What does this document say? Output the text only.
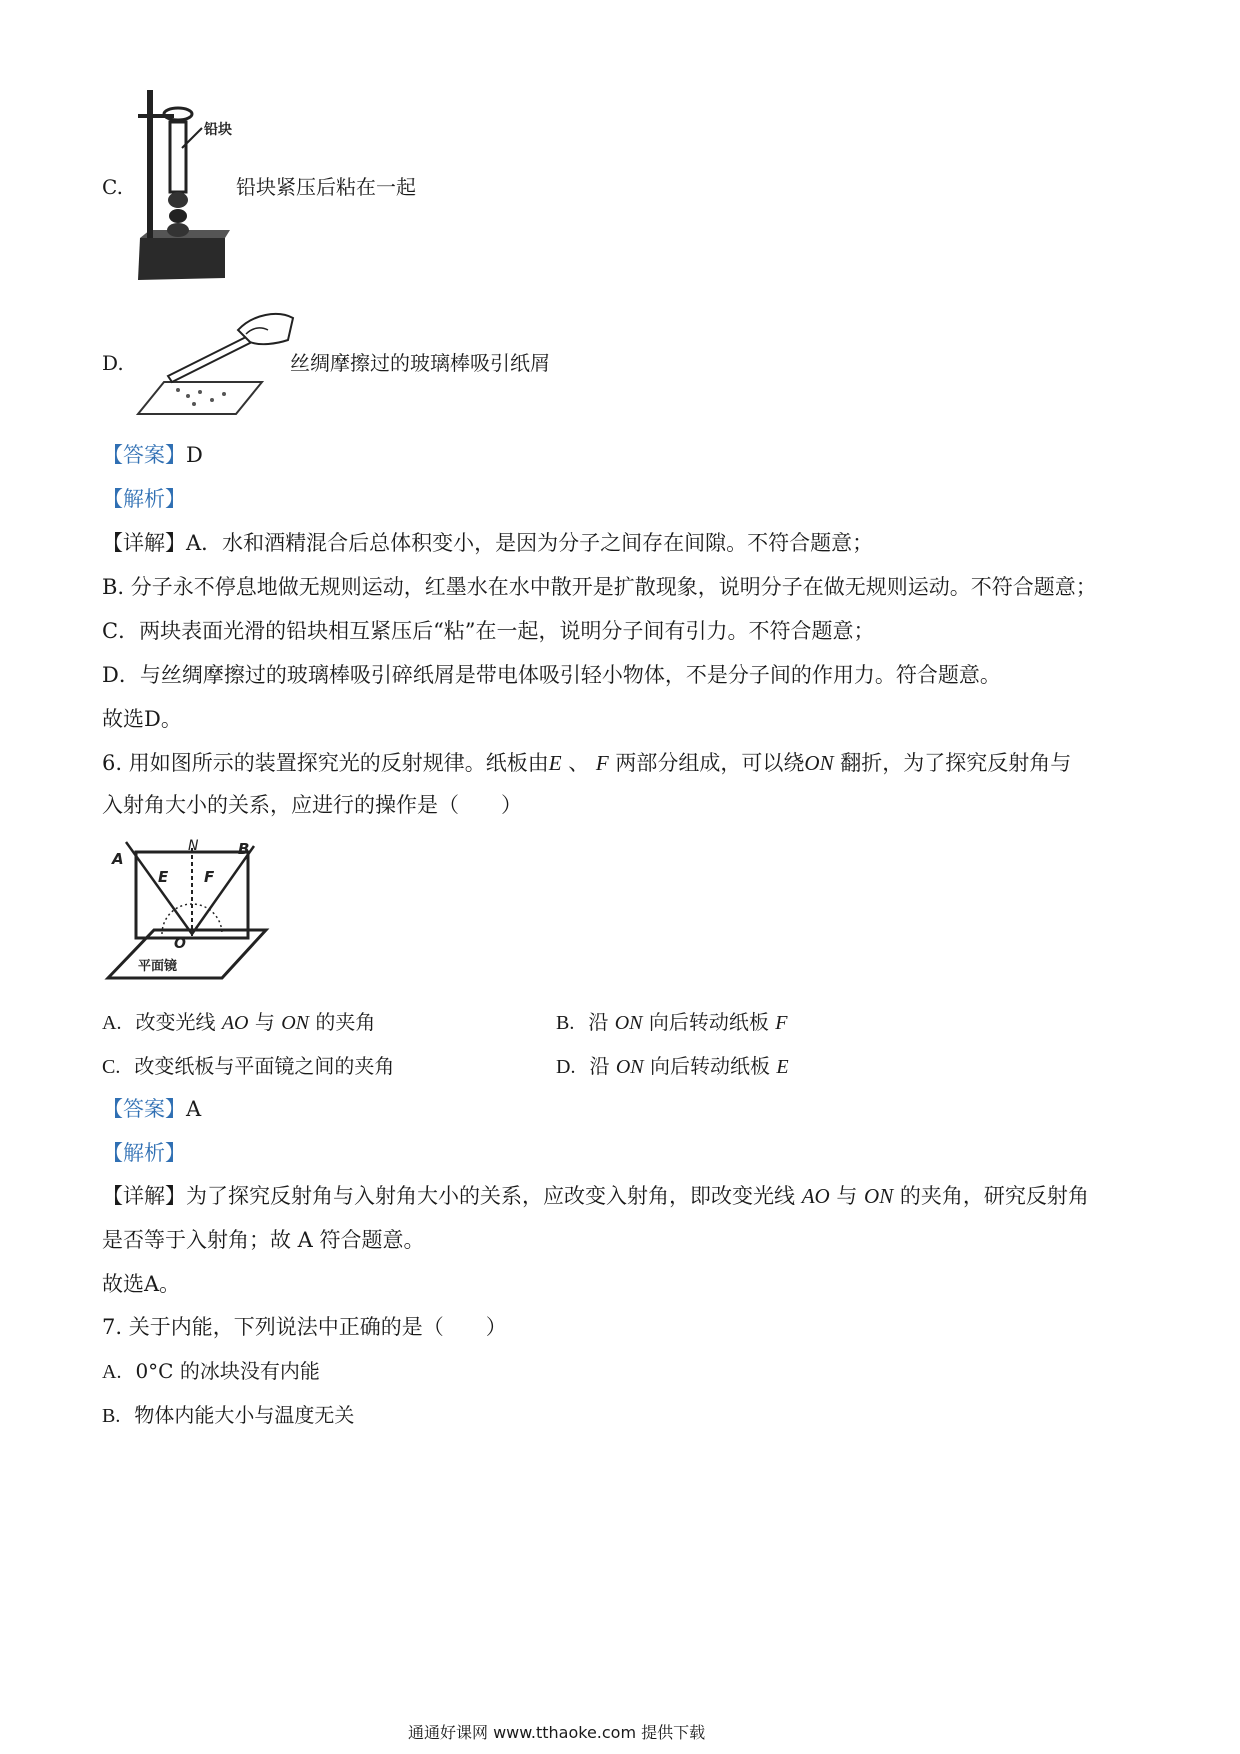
铅块
C.	铅块紧压后粘在一起
D.	丝绸摩擦过的玻璃棒吸引纸屑
【答案】D
【解析】
【详解】A．水和酒精混合后总体积变小，是因为分子之间存在间隙。不符合题意；
B. 分子永不停息地做无规则运动，红墨水在水中散开是扩散现象，说明分子在做无规则运动。不符合题意；
C．两块表面光滑的铅块相互紧压后“粘”在一起，说明分子间有引力。不符合题意；
D．与丝绸摩擦过的玻璃棒吸引碎纸屑是带电体吸引轻小物体，不是分子间的作用力。符合题意。
故选D。
6. 用如图所示的装置探究光的反射规律。纸板由E 、 F 两部分组成，可以绕ON 翻折，为了探究反射角与
入射角大小的关系，应进行的操作是（　　）
N
A
B
E F
O
平面镜
A. 改变光线 AO 与 ON 的夹角	B. 沿 ON 向后转动纸板 F
C. 改变纸板与平面镜之间的夹角	D. 沿 ON 向后转动纸板 E
【答案】A
【解析】
【详解】为了探究反射角与入射角大小的关系，应改变入射角，即改变光线 AO 与 ON 的夹角，研究反射角
是否等于入射角；故 A 符合题意。
故选A。
7. 关于内能，下列说法中正确的是（　　）
A. 0°C 的冰块没有内能
B. 物体内能大小与温度无关
通通好课网 www.tthaoke.com 提供下载
